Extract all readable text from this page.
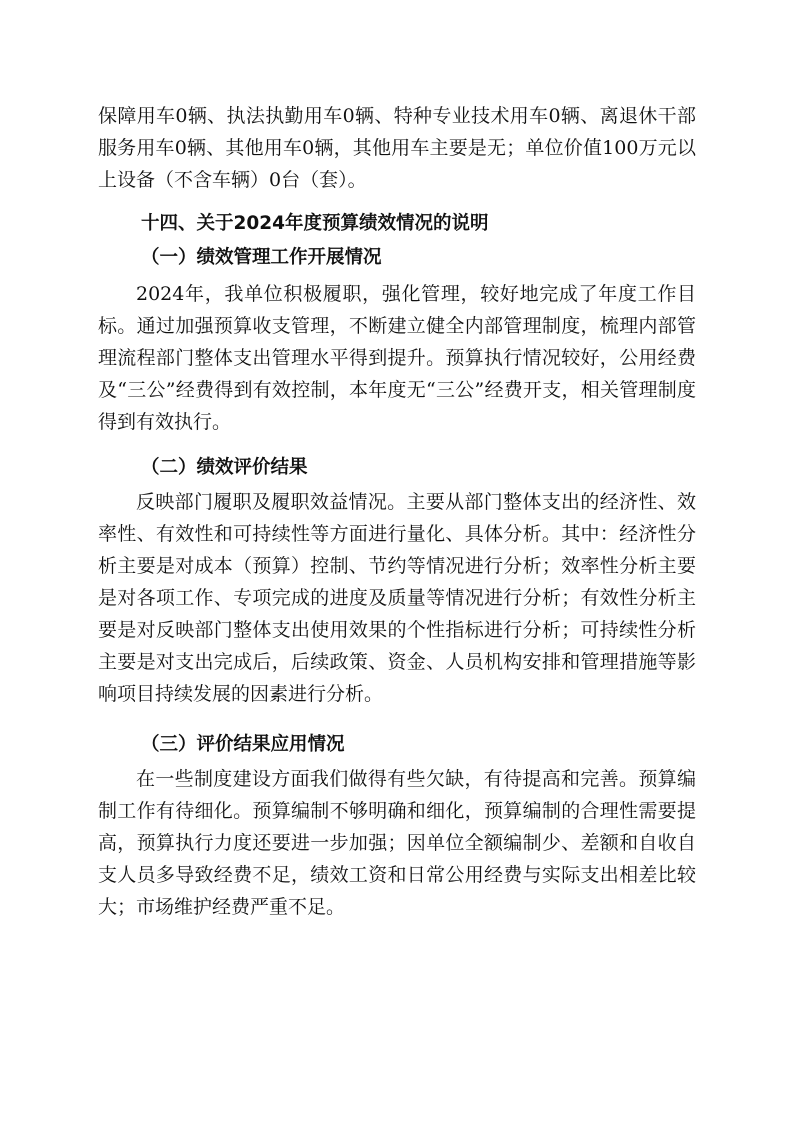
保障用车0辆、执法执勤用车0辆、特种专业技术用车0辆、离退休干部服务用车0辆、其他用车0辆，其他用车主要是无；单位价值100万元以上设备（不含车辆）0台（套）。

十四、关于2024年度预算绩效情况的说明
（一）绩效管理工作开展情况

2024年，我单位积极履职，强化管理，较好地完成了年度工作目标。通过加强预算收支管理，不断建立健全内部管理制度，梳理内部管理流程部门整体支出管理水平得到提升。预算执行情况较好，公用经费及“三公”经费得到有效控制，本年度无“三公”经费开支，相关管理制度得到有效执行。

（二）绩效评价结果

反映部门履职及履职效益情况。主要从部门整体支出的经济性、效率性、有效性和可持续性等方面进行量化、具体分析。其中：经济性分析主要是对成本（预算）控制、节约等情况进行分析；效率性分析主要是对各项工作、专项完成的进度及质量等情况进行分析；有效性分析主要是对反映部门整体支出使用效果的个性指标进行分析；可持续性分析主要是对支出完成后，后续政策、资金、人员机构安排和管理措施等影响项目持续发展的因素进行分析。

（三）评价结果应用情况

在一些制度建设方面我们做得有些欠缺，有待提高和完善。预算编制工作有待细化。预算编制不够明确和细化，预算编制的合理性需要提高，预算执行力度还要进一步加强；因单位全额编制少、差额和自收自支人员多导致经费不足，绩效工资和日常公用经费与实际支出相差比较大；市场维护经费严重不足。
